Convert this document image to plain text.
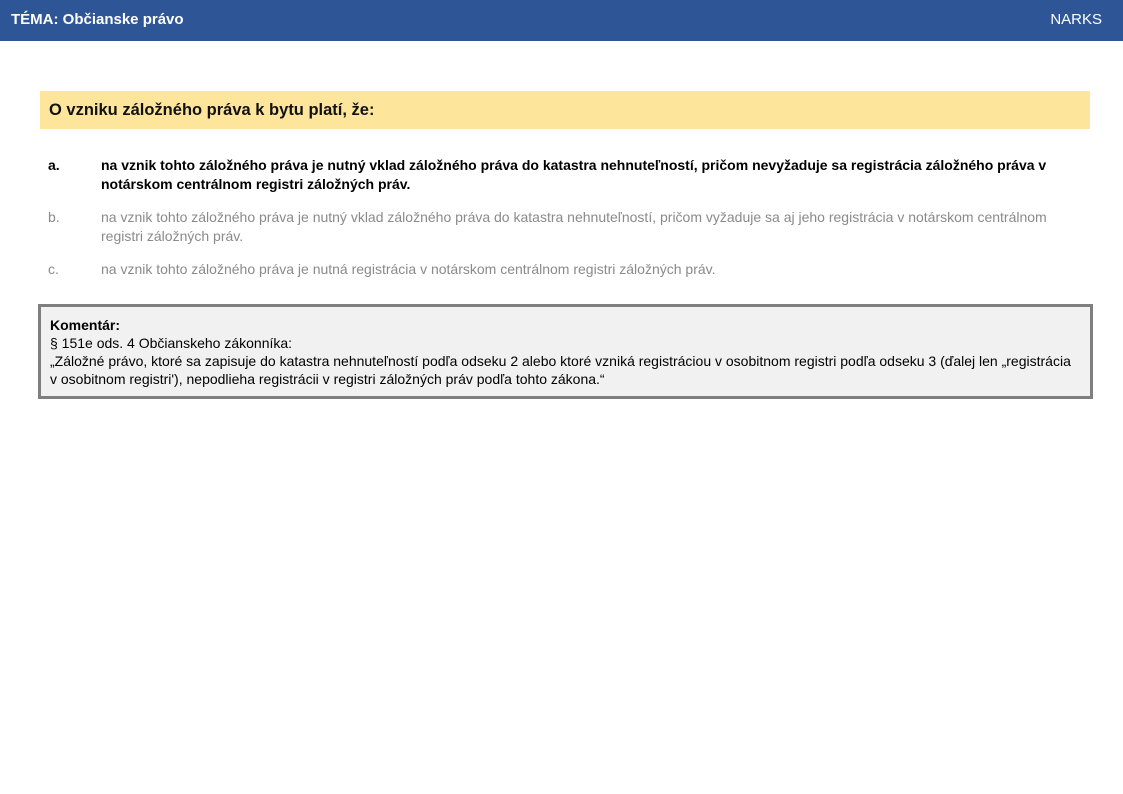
TÉMA: Občianske právo	NARKS
O vzniku záložného práva k bytu platí, že:
a.	na vznik tohto záložného práva je nutný vklad záložného práva do katastra nehnuteľností, pričom nevyžaduje sa registrácia záložného práva v notárskom centrálnom registri záložných práv.
b.	na vznik tohto záložného práva je nutný vklad záložného práva do katastra nehnuteľností, pričom vyžaduje sa aj jeho registrácia v notárskom centrálnom registri záložných práv.
c.	na vznik tohto záložného práva je nutná registrácia v notárskom centrálnom registri záložných práv.
Komentár:
§ 151e ods. 4 Občianskeho zákonníka:
„Záložné právo, ktoré sa zapisuje do katastra nehnuteľností podľa odseku 2 alebo ktoré vzniká registráciou v osobitnom registri podľa odseku 3 (ďalej len „registrácia v osobitnom registri'), nepodlieha registrácii v registri záložných práv podľa tohto zákona.“
